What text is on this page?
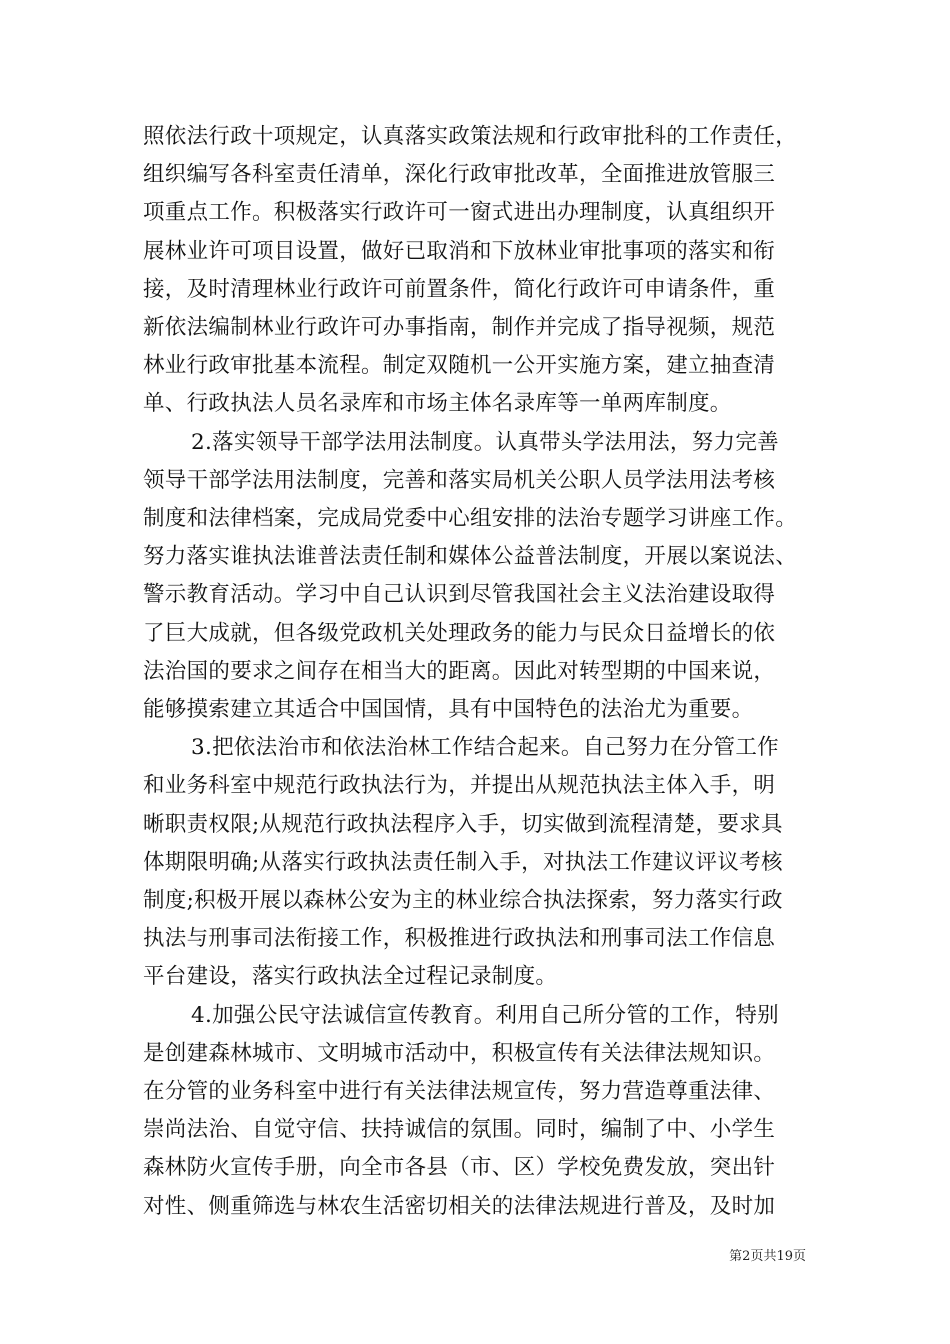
照依法行政十项规定，认真落实政策法规和行政审批科的工作责任，
组织编写各科室责任清单，深化行政审批改革，全面推进放管服三
项重点工作。积极落实行政许可一窗式进出办理制度，认真组织开
展林业许可项目设置，做好已取消和下放林业审批事项的落实和衔
接，及时清理林业行政许可前置条件，简化行政许可申请条件，重
新依法编制林业行政许可办事指南，制作并完成了指导视频，规范
林业行政审批基本流程。制定双随机一公开实施方案，建立抽查清
单、行政执法人员名录库和市场主体名录库等一单两库制度。

2.落实领导干部学法用法制度。认真带头学法用法，努力完善
领导干部学法用法制度，完善和落实局机关公职人员学法用法考核
制度和法律档案，完成局党委中心组安排的法治专题学习讲座工作。
努力落实谁执法谁普法责任制和媒体公益普法制度，开展以案说法、
警示教育活动。学习中自己认识到尽管我国社会主义法治建设取得
了巨大成就，但各级党政机关处理政务的能力与民众日益增长的依
法治国的要求之间存在相当大的距离。因此对转型期的中国来说，
能够摸索建立其适合中国国情，具有中国特色的法治尤为重要。

3.把依法治市和依法治林工作结合起来。自己努力在分管工作
和业务科室中规范行政执法行为，并提出从规范执法主体入手，明
晰职责权限;从规范行政执法程序入手，切实做到流程清楚，要求具
体期限明确;从落实行政执法责任制入手，对执法工作建议评议考核
制度;积极开展以森林公安为主的林业综合执法探索，努力落实行政
执法与刑事司法衔接工作，积极推进行政执法和刑事司法工作信息
平台建设，落实行政执法全过程记录制度。

4.加强公民守法诚信宣传教育。利用自己所分管的工作，特别
是创建森林城市、文明城市活动中，积极宣传有关法律法规知识。
在分管的业务科室中进行有关法律法规宣传，努力营造尊重法律、
崇尚法治、自觉守信、扶持诚信的氛围。同时，编制了中、小学生
森林防火宣传手册，向全市各县（市、区）学校免费发放，突出针
对性、侧重筛选与林农生活密切相关的法律法规进行普及，及时加

第2页共19页
